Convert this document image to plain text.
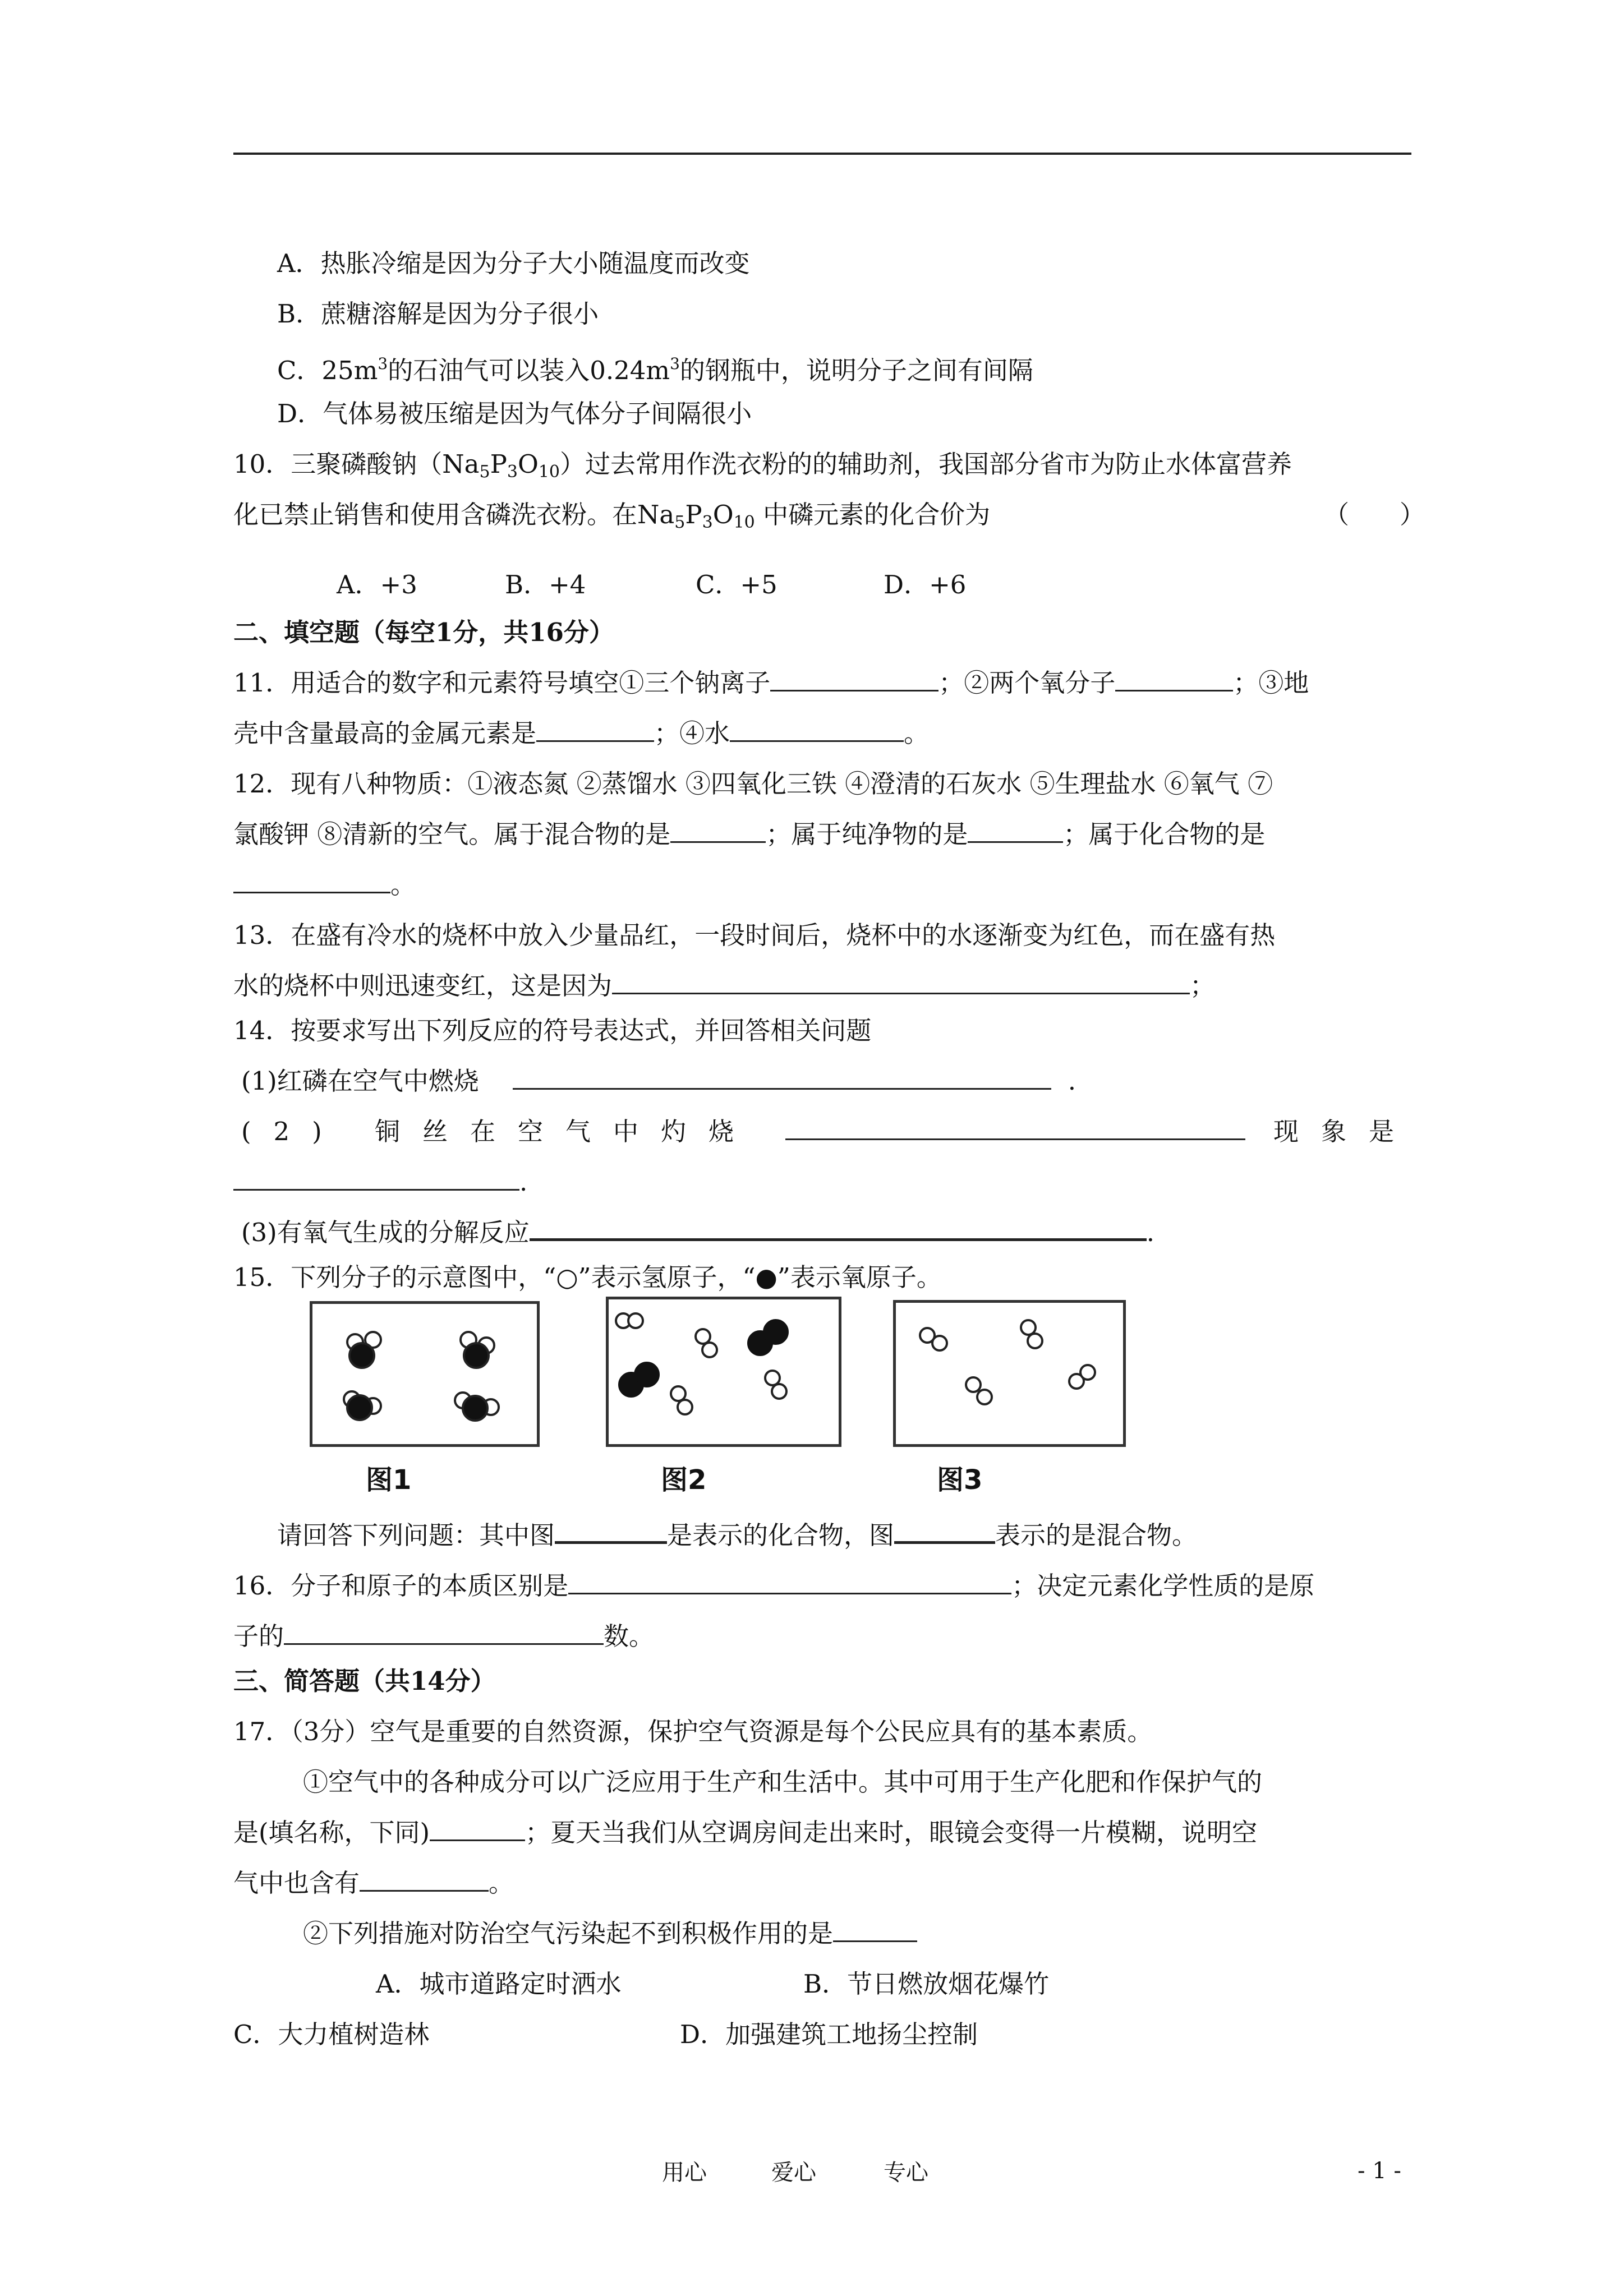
A．热胀冷缩是因为分子大小随温度而改变
B．蔗糖溶解是因为分子很小
C．$25m^3$的石油气可以装入$0.24m^3$的钢瓶中，说明分子之间有间隔
D．气体易被压缩是因为气体分子间隔很小
10．三聚磷酸钠$(Na_5P_3O_{10})$过去常用作洗衣粉的的辅助剂，我国部分省市为防止水体富营养
化已禁止销售和使用含磷洗衣粉。在$Na_5P_3O_{10}$ 中磷元素的化合价为	（　　）
A．+3	B．+4	C．+5	D．+6
二、填空题（每空1分，共16分）
11．用适合的数字和元素符号填空①三个钠离子	；②两个氧分子	；③地
壳中含量最高的金属元素是	；④水	。
12．现有八种物质：①液态氮 ②蒸馏水 ③四氧化三铁 ④澄清的石灰水 ⑤生理盐水 ⑥氧气 ⑦
氯酸钾 ⑧清新的空气。属于混合物的是	；属于纯净物的是	；属于化合物的是
。
13．在盛有冷水的烧杯中放入少量品红，一段时间后，烧杯中的水逐渐变为红色，而在盛有热
水的烧杯中则迅速变红，这是因为	；
14．按要求写出下列反应的符号表达式，并回答相关问题
(1)红磷在空气中燃烧	.
(2) 铜丝在空气中灼烧	现象是
.
(3)有氧气生成的分解反应	.
15．下列分子的示意图中，“○”表示氢原子，“●”表示氧原子。
图1	图2	图3
请回答下列问题：其中图	是表示的化合物，图	表示的是混合物。
16．分子和原子的本质区别是	；决定元素化学性质的是原
子的	数。
三、简答题（共14分）
17．（3分）空气是重要的自然资源，保护空气资源是每个公民应具有的基本素质。
①空气中的各种成分可以广泛应用于生产和生活中。其中可用于生产化肥和作保护气的
是(填名称，下同)	；夏天当我们从空调房间走出来时，眼镜会变得一片模糊，说明空
气中也含有	。
②下列措施对防治空气污染起不到积极作用的是
A．城市道路定时洒水	B．节日燃放烟花爆竹
C．大力植树造林	D．加强建筑工地扬尘控制
用心	爱心	专心	- 1 -
